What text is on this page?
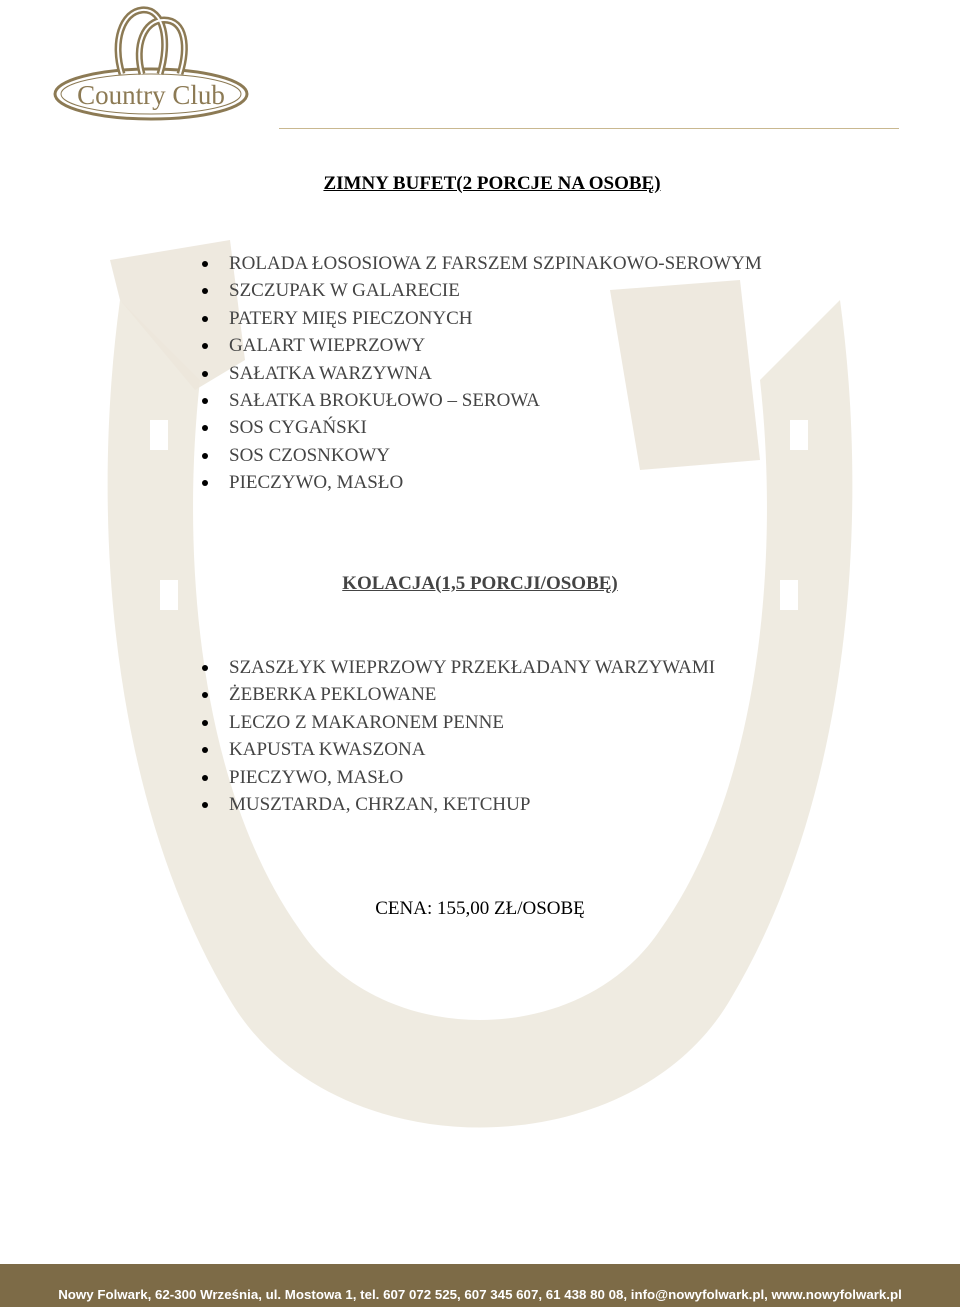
Country Club
ZIMNY BUFET(2 PORCJE NA OSOBĘ)
ROLADA ŁOSOSIOWA Z FARSZEM SZPINAKOWO-SEROWYM
SZCZUPAK W GALARECIE
PATERY MIĘS PIECZONYCH
GALART WIEPRZOWY
SAŁATKA WARZYWNA
SAŁATKA BROKUŁOWO – SEROWA
SOS CYGAŃSKI
SOS CZOSNKOWY
PIECZYWO, MASŁO
KOLACJA(1,5 PORCJI/OSOBĘ)
SZASZŁYK WIEPRZOWY PRZEKŁADANY WARZYWAMI
ŻEBERKA PEKLOWANE
LECZO Z MAKARONEM PENNE
KAPUSTA KWASZONA
PIECZYWO, MASŁO
MUSZTARDA, CHRZAN, KETCHUP
CENA: 155,00 ZŁ/OSOBĘ
Nowy Folwark, 62-300 Września, ul. Mostowa 1, tel. 607 072 525, 607 345 607, 61 438 80 08, info@nowyfolwark.pl, www.nowyfolwark.pl
